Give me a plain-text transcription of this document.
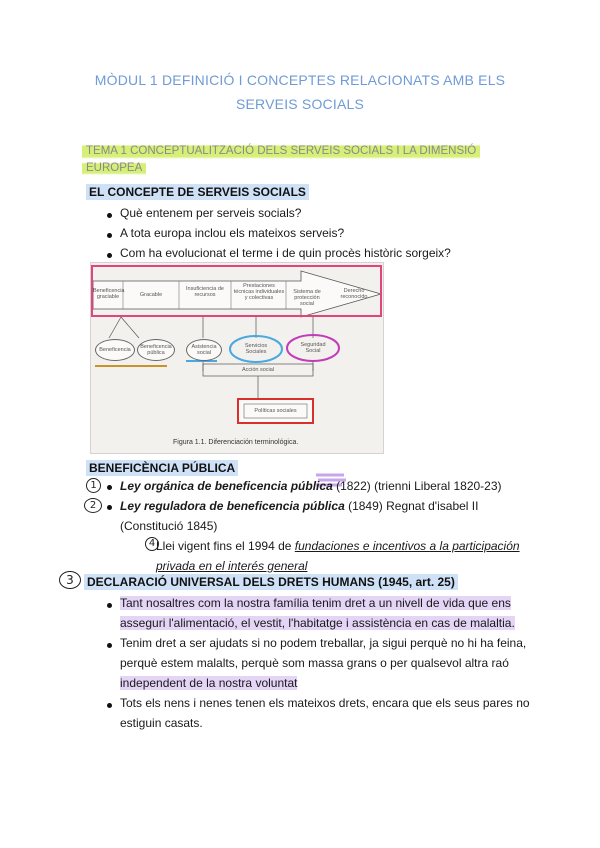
MÒDUL 1 DEFINICIÓ I CONCEPTES RELACIONATS AMB ELS
SERVEIS SOCIALS
TEMA 1 CONCEPTUALITZACIÓ DELS SERVEIS SOCIALS I LA DIMENSIÓ
EUROPEA
EL CONCEPTE DE SERVEIS SOCIALS
Què entenem per serveis socials?
A tota europa inclou els mateixos serveis?
Com ha evolucionat el terme i de quin procès històric sorgeix?
Beneficencia graciable	Gracable
Insuficiencia de recursos
Prestaciones técnicas individuales y colectivas
Sistema de protección social
Derecho reconocido
Beneficencia	Beneficencia pública
Asistencia social
Servicios Sociales
Seguridad Social
Acción social
Políticas sociales
Figura 1.1. Diferenciación terminológica.
BENEFICÈNCIA PÚBLICA
1	Ley orgánica de beneficencia pública (1822) (trienni Liberal 1820-23)
2	Ley reguladora de beneficencia pública (1849) Regnat d'isabel II
(Constitució 1845)
4 Llei vigent fins el 1994 de fundaciones e incentivos a la participación
privada en el interés general
3	DECLARACIÓ UNIVERSAL DELS DRETS HUMANS (1945, art. 25)
Tant nosaltres com la nostra família tenim dret a un nivell de vida que ens
asseguri l'alimentació, el vestit, l'habitatge i assistència en cas de malaltia.
Tenim dret a ser ajudats si no podem treballar, ja sigui perquè no hi ha feina,
perquè estem malalts, perquè som massa grans o per qualsevol altra raó
independent de la nostra voluntat
Tots els nens i nenes tenen els mateixos drets, encara que els seus pares no
estiguin casats.
